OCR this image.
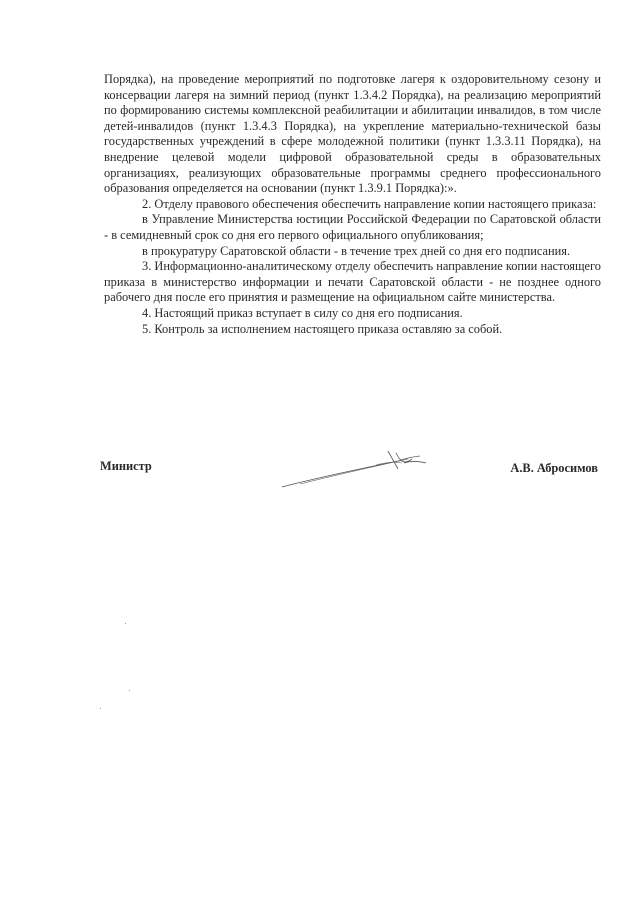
Порядка), на проведение мероприятий по подготовке лагеря к оздоровительному сезону и консервации лагеря на зимний период (пункт 1.3.4.2 Порядка), на реализацию мероприятий по формированию системы комплексной реабилитации и абилитации инвалидов, в том числе детей-инвалидов (пункт 1.3.4.3 Порядка), на укрепление материально-технической базы государственных учреждений в сфере молодежной политики (пункт 1.3.3.11 Порядка), на внедрение целевой модели цифровой образовательной среды в образовательных организациях, реализующих образовательные программы среднего профессионального образования определяется на основании (пункт 1.3.9.1 Порядка):».

2. Отделу правового обеспечения обеспечить направление копии настоящего приказа:

в Управление Министерства юстиции Российской Федерации по Саратовской области - в семидневный срок со дня его первого официального опубликования;

в прокуратуру Саратовской области - в течение трех дней со дня его подписания.

3. Информационно-аналитическому отделу обеспечить направление копии настоящего приказа в министерство информации и печати Саратовской области - не позднее одного рабочего дня после его принятия и размещение на официальном сайте министерства.

4. Настоящий приказ вступает в силу со дня его подписания.

5. Контроль за исполнением настоящего приказа оставляю за собой.

Министр	А.В. Абросимов
